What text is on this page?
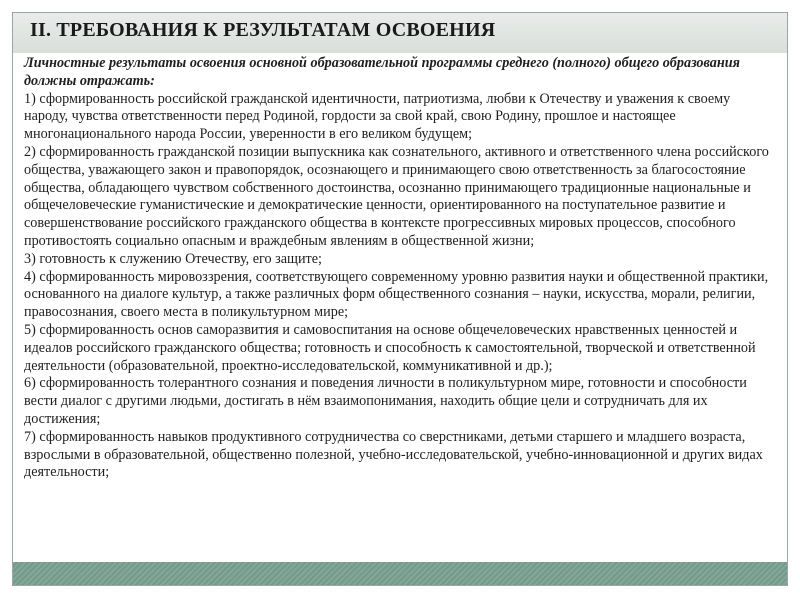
II. ТРЕБОВАНИЯ К РЕЗУЛЬТАТАМ ОСВОЕНИЯ

Личностные результаты освоения основной образовательной программы среднего (полного) общего образования должны отражать:

1) сформированность российской гражданской идентичности, патриотизма, любви к Отечеству и уважения к своему народу, чувства ответственности перед Родиной, гордости за свой край, свою Родину, прошлое и настоящее многонационального народа России, уверенности в его великом будущем;

2) сформированность гражданской позиции выпускника как сознательного, активного и ответственного члена российского общества, уважающего закон и правопорядок, осознающего и принимающего свою ответственность за благосостояние общества, обладающего чувством собственного достоинства, осознанно принимающего традиционные национальные и общечеловеческие гуманистические и демократические ценности, ориентированного на поступательное развитие и совершенствование российского гражданского общества в контексте прогрессивных мировых процессов, способного противостоять социально опасным и враждебным явлениям в общественной жизни;

3) готовность к служению Отечеству, его защите;

4) сформированность мировоззрения, соответствующего современному уровню развития науки и общественной практики, основанного на диалоге культур, а также различных форм общественного сознания – науки, искусства, морали, религии, правосознания, своего места в поликультурном мире;

5) сформированность основ саморазвития и самовоспитания на основе общечеловеческих нравственных ценностей и идеалов российского гражданского общества; готовность и способность к самостоятельной, творческой и ответственной деятельности (образовательной, проектно-исследовательской, коммуникативной и др.);

6) сформированность толерантного сознания и поведения личности в поликультурном мире, готовности и способности вести диалог с другими людьми, достигать в нём взаимопонимания, находить общие цели и сотрудничать для их достижения;

7) сформированность навыков продуктивного сотрудничества со сверстниками, детьми старшего и младшего возраста, взрослыми в образовательной, общественно полезной, учебно-исследовательской, учебно-инновационной и других видах деятельности;
